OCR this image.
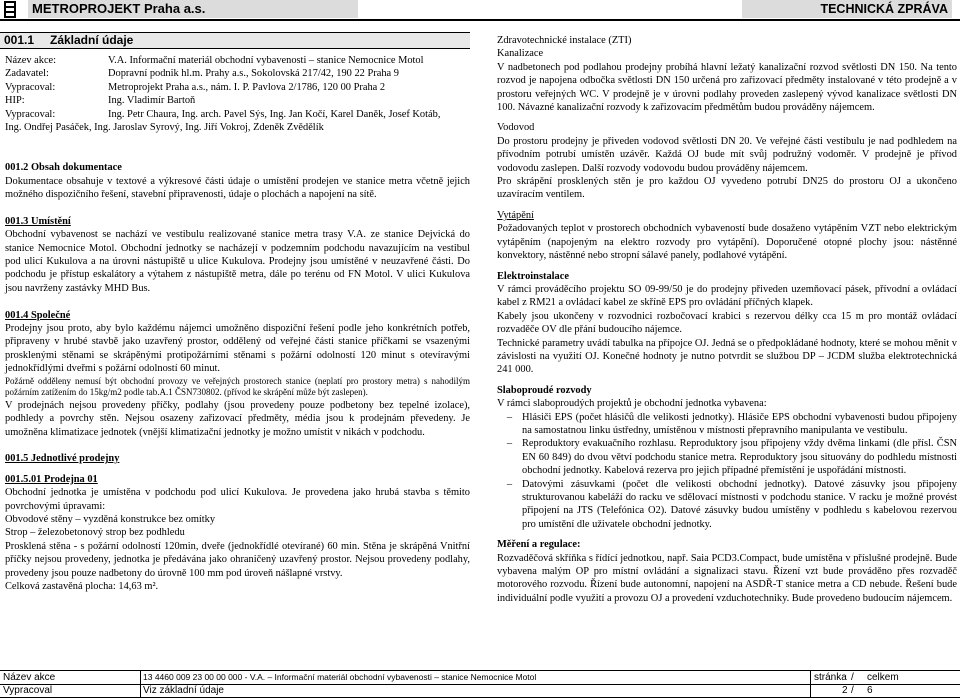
METROPROJEKT Praha a.s.	TECHNICKÁ ZPRÁVA
001.1 Základní údaje
Název akce:	V.A. Informační materiál obchodní vybavenosti – stanice Nemocnice Motol
Zadavatel:	Dopravní podnik hl.m. Prahy a.s., Sokolovská 217/42, 190 22 Praha 9
Vypracoval:	Metroprojekt Praha a.s., nám. I. P. Pavlova 2/1786, 120 00 Praha 2
HIP:	Ing. Vladimír Bartoň
Vypracoval:	Ing. Petr Chaura, Ing. arch. Pavel Sýs, Ing. Jan Kočí, Karel Daněk, Josef Kotáb,
Ing. Ondřej Pasáček, Ing. Jaroslav Syrový, Ing. Jiří Vokroj, Zdeněk Zvědělík
001.2 Obsah dokumentace
Dokumentace obsahuje v textové a výkresové části údaje o umístění prodejen ve stanice metra včetně jejich možného dispozičního řešení, stavební připravenosti, údaje o plochách a napojení na sítě.
001.3 Umístění
Obchodní vybavenost se nachází ve vestibulu realizované stanice metra trasy V.A. ze stanice Dejvická do stanice Nemocnice Motol. Obchodní jednotky se nacházejí v podzemním podchodu navazujícím na vestibul pod ulicí Kukulova a na úrovni nástupiště u ulice Kukulova. Prodejny jsou umístěné v neuzavřené části. Do podchodu je přístup eskalátory a výtahem z nástupiště metra, dále po terénu od FN Motol. V ulici Kukulova jsou navrženy zastávky MHD Bus.
001.4 Společné
Prodejny jsou proto, aby bylo každému nájemci umožněno dispoziční řešení podle jeho konkrétních potřeb, připraveny v hrubé stavbě jako uzavřený prostor, oddělený od veřejné části stanice příčkami se vsazenými prosklenými stěnami se skrápěnými protipožárními stěnami s požární odolností 120 minut s otevíravými jednokřídlými dveřmi s požární odolností 60 minut.
Požárně odděleny nemusí být obchodní provozy ve veřejných prostorech stanice (neplatí pro prostory metra) s nahodilým požárním zatížením do 15kg/m2 podle tab.A.1 ČSN730802. (přívod ke skrápění může být zaslepen).
V prodejnách nejsou provedeny příčky, podlahy (jsou provedeny pouze podbetony bez tepelné izolace), podhledy a povrchy stěn. Nejsou osazeny zařizovací předměty, média jsou k prodejnám převedeny. Je umožněna klimatizace jednotek (vnější klimatizační jednotky je možno umístit v nikách v podchodu.
001.5 Jednotlivé prodejny
001.5.01 Prodejna 01
Obchodní jednotka je umístěna v podchodu pod ulicí Kukulova. Je provedena jako hrubá stavba s těmito povrchovými úpravami:
Obvodové stěny – vyzděná konstrukce bez omítky
Strop – železobetonový strop bez podhledu
Prosklená stěna - s požární odolností 120min, dveře (jednokřídlé otevírané) 60 min. Stěna je skrápěná Vnitřní příčky nejsou provedeny, jednotka je předávána jako ohraničený uzavřený prostor. Nejsou provedeny podlahy, provedeny jsou pouze nadbetony do úrovně 100 mm pod úroveň nášlapné vrstvy.
Celková zastavěná plocha: 14,63 m².
Zdravotechnické instalace (ZTI)
Kanalizace
V nadbetonech pod podlahou prodejny probíhá hlavní ležatý kanalizační rozvod světlosti DN 150. Na tento rozvod je napojena odbočka světlosti DN 150 určená pro zařizovací předměty instalované v této prodejně a v prostoru veřejných WC. V prodejně je v úrovni podlahy proveden zaslepený vývod kanalizace světlosti DN 100. Návazné kanalizační rozvody k zařizovacím předmětům budou prováděny nájemcem.
Vodovod
Do prostoru prodejny je přiveden vodovod světlosti DN 20. Ve veřejné části vestibulu je nad podhledem na přívodním potrubí umístěn uzávěr. Každá OJ bude mít svůj podružný vodoměr. V prodejně je přívod vodovodu zaslepen. Další rozvody vodovodu budou prováděny nájemcem.
Pro skrápění prosklených stěn je pro každou OJ vyvedeno potrubí DN25 do prostoru OJ a ukončeno uzavíracím ventilem.
Vytápění
Požadovaných teplot v prostorech obchodních vybaveností bude dosaženo vytápěním VZT nebo elektrickým vytápěním (napojeným na elektro rozvody pro vytápění). Doporučené otopné plochy jsou: nástěnné konvektory, nástěnné nebo stropní sálavé panely, podlahové vytápění.
Elektroinstalace
V rámci prováděcího projektu SO 09-99/50 je do prodejny přiveden uzemňovací pásek, přívodní a ovládací kabel z RM21 a ovládací kabel ze skříně EPS pro ovládání příčných klapek.
Kabely jsou ukončeny v rozvodnici rozbočovací krabici s rezervou délky cca 15 m pro montáž ovládací rozvaděče OV dle přání budoucího nájemce.
Technické parametry uvádí tabulka na přípojce OJ. Jedná se o předpokládané hodnoty, které se mohou měnit v závislosti na využití OJ. Konečné hodnoty je nutno potvrdit se službou DP – JCDM služba elektrotechnická 241 000.
Slaboproudé rozvody
V rámci slaboproudých projektů je obchodní jednotka vybavena:
– Hlásiči EPS (počet hlásičů dle velikosti jednotky). Hlásiče EPS obchodní vybavenosti budou připojeny na samostatnou linku ústředny, umístěnou v místnosti přepravního manipulanta ve vestibulu.
– Reproduktory evakuačního rozhlasu. Reproduktory jsou připojeny vždy dvěma linkami (dle přísl. ČSN EN 60 849) do dvou větví podchodu stanice metra. Reproduktory jsou situovány do podhledu místnosti obchodní jednotky. Kabelová rezerva pro jejich případné přemístění je uspořádání místnosti.
– Datovými zásuvkami (počet dle velikosti obchodní jednotky). Datové zásuvky jsou připojeny strukturovanou kabeláží do racku ve sdělovací místnosti v podchodu stanice. V racku je možné provést připojení na JTS (Telefónica O2). Datové zásuvky budou umístěny v podhledu s kabelovou rezervou pro umístění dle uživatele obchodní jednotky.
Měření a regulace:
Rozvaděčová skříňka s řídící jednotkou, např. Saia PCD3.Compact, bude umístěna v příslušné prodejně. Bude vybavena malým OP pro místní ovládání a signalizaci stavu. Řízení vzt bude prováděno přes rozvaděč motorového rozvodu. Řízení bude autonomní, napojení na ASDŘ-T stanice metra a CD nebude. Řešení bude individuální podle využití a provozu OJ a provedení vzduchotechniky. Bude provedeno budoucím nájemcem.
Název akce	13 4460 009 23 00 00 000 - V.A. – Informační materiál obchodní vybavenosti – stanice Nemocnice Motol	stránka / celkem
Vypracoval	Viz základní údaje	2 / 6
